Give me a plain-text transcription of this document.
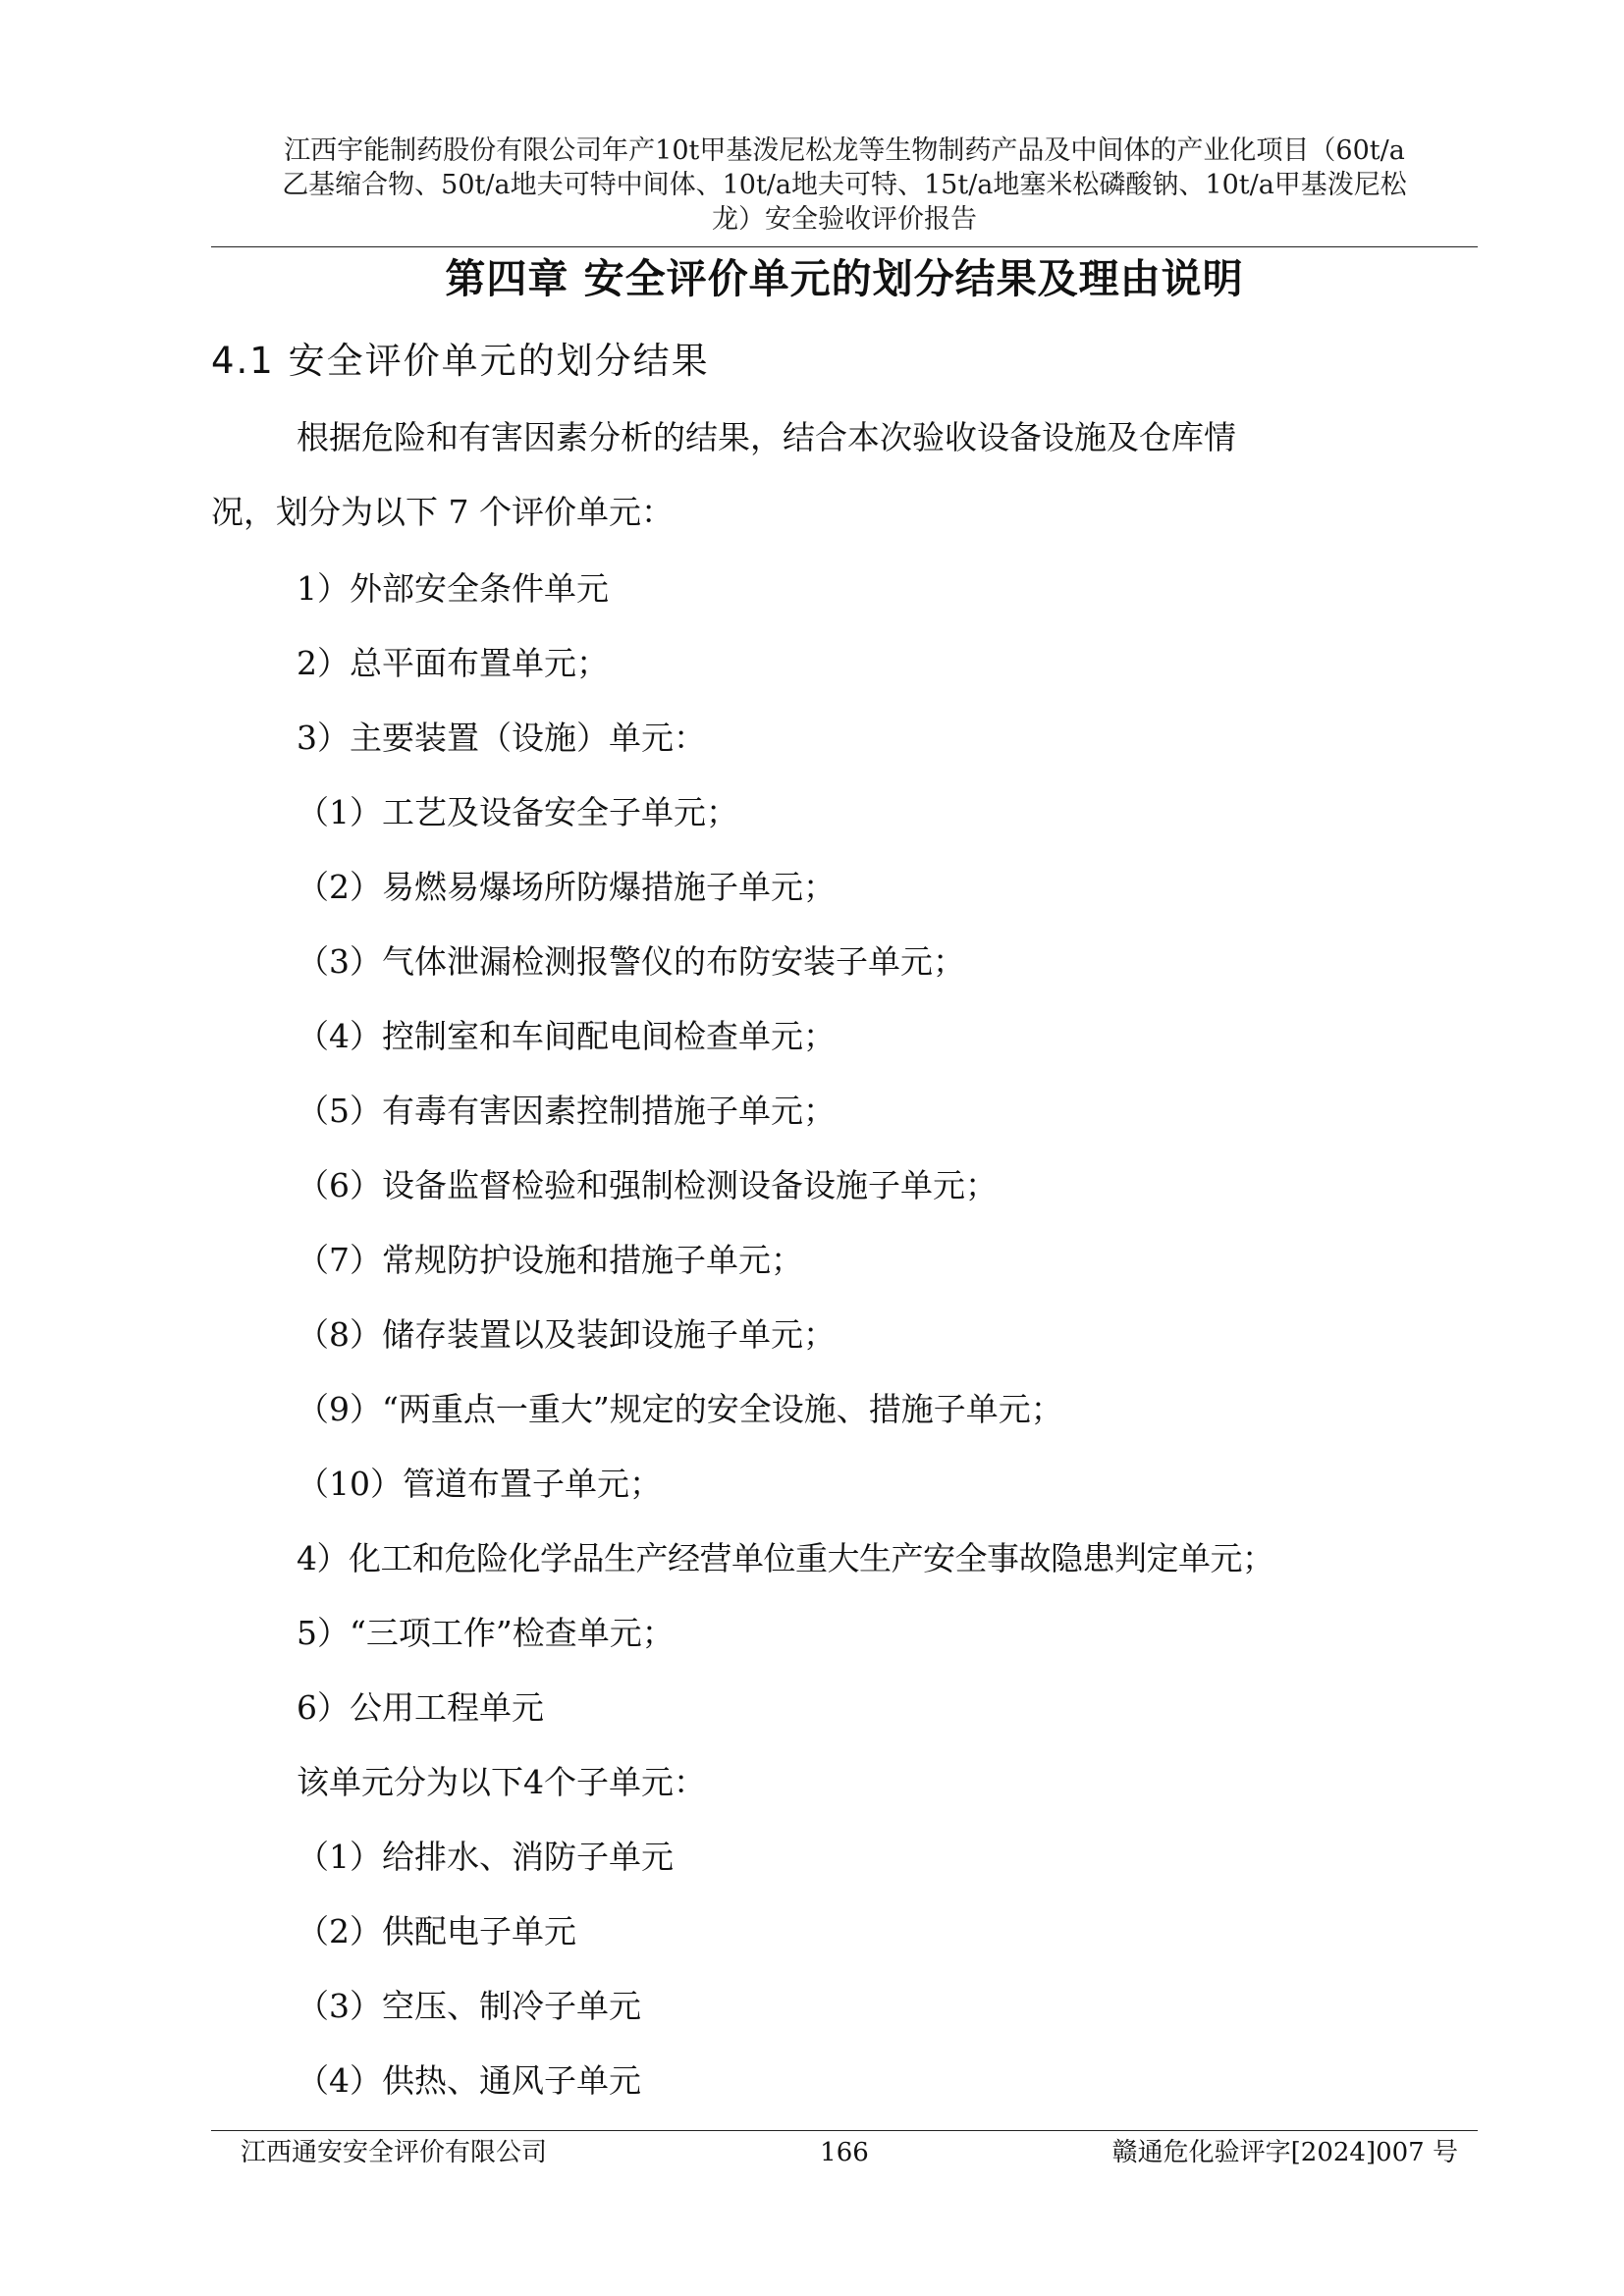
江西宇能制药股份有限公司年产10t甲基泼尼松龙等生物制药产品及中间体的产业化项目（60t/a
乙基缩合物、50t/a地夫可特中间体、10t/a地夫可特、15t/a地塞米松磷酸钠、10t/a甲基泼尼松
龙）安全验收评价报告
第四章 安全评价单元的划分结果及理由说明
4.1 安全评价单元的划分结果
根据危险和有害因素分析的结果，结合本次验收设备设施及仓库情
况，划分为以下 7 个评价单元：
1）外部安全条件单元
2）总平面布置单元；
3）主要装置（设施）单元：
（1）工艺及设备安全子单元；
（2）易燃易爆场所防爆措施子单元；
（3）气体泄漏检测报警仪的布防安装子单元；
（4）控制室和车间配电间检查单元；
（5）有毒有害因素控制措施子单元；
（6）设备监督检验和强制检测设备设施子单元；
（7）常规防护设施和措施子单元；
（8）储存装置以及装卸设施子单元；
（9）“两重点一重大”规定的安全设施、措施子单元；
（10）管道布置子单元；
4）化工和危险化学品生产经营单位重大生产安全事故隐患判定单元；
5）“三项工作”检查单元；
6）公用工程单元
该单元分为以下4个子单元：
（1）给排水、消防子单元
（2）供配电子单元
（3）空压、制冷子单元
（4）供热、通风子单元
江西通安安全评价有限公司	166	赣通危化验评字[2024]007 号
